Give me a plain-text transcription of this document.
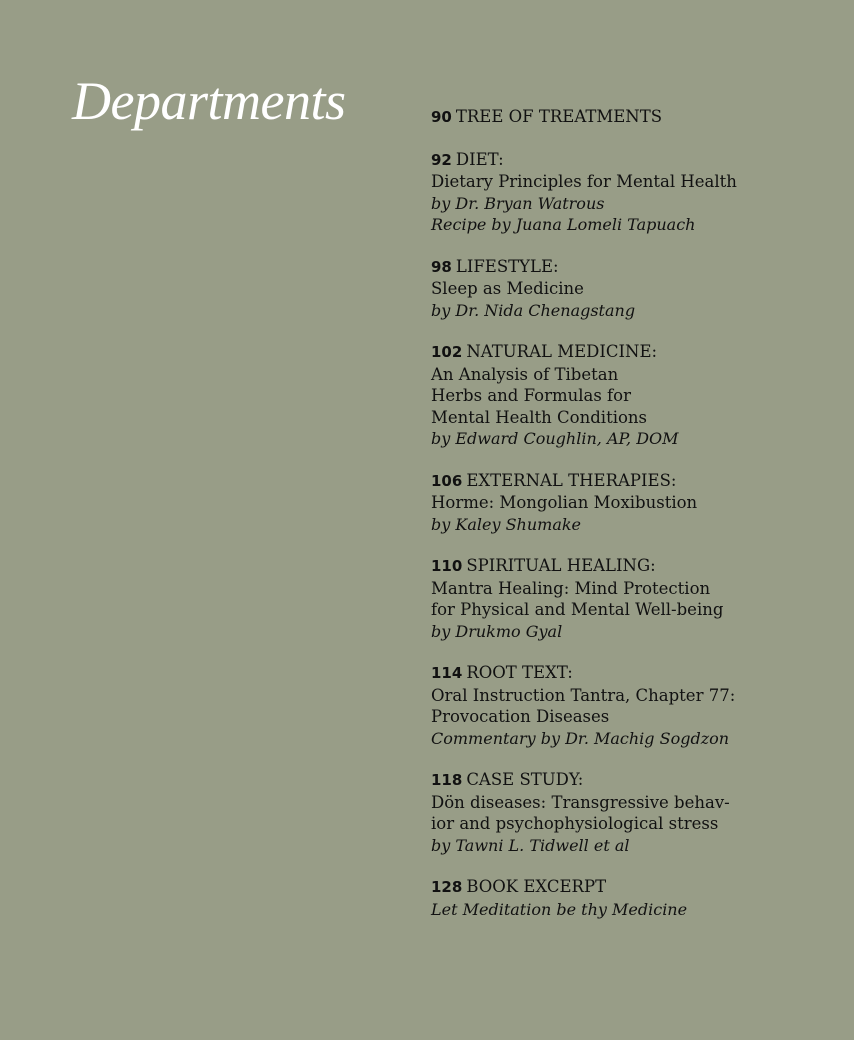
Departments	90 TREE OF TREATMENTS
92 DIET:
Dietary Principles for Mental Health
by Dr. Bryan Watrous
Recipe by Juana Lomeli Tapuach
98 LIFESTYLE:
Sleep as Medicine
by Dr. Nida Chenagstang
102 NATURAL MEDICINE:
An Analysis of Tibetan
Herbs and Formulas for
Mental Health Conditions
by Edward Coughlin, AP, DOM
106 EXTERNAL THERAPIES:
Horme: Mongolian Moxibustion
by Kaley Shumake
110 SPIRITUAL HEALING:
Mantra Healing: Mind Protection
for Physical and Mental Well-being
by Drukmo Gyal
114 ROOT TEXT:
Oral Instruction Tantra, Chapter 77:
Provocation Diseases
Commentary by Dr. Machig Sogdzon
118 CASE STUDY:
Dön diseases: Transgressive behav-
ior and psychophysiological stress
by Tawni L. Tidwell et al
128 BOOK EXCERPT
Let Meditation be thy Medicine
